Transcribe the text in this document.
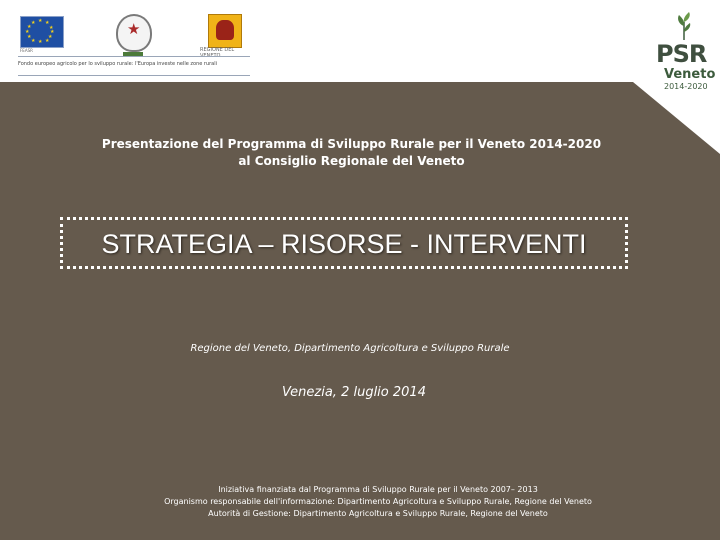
★ ★
★
★
★
★
★
★
★
★
★
★
FEASR
★
REGIONE DEL VENETO
Fondo europeo agricolo per lo sviluppo rurale: l'Europa investe nelle zone rurali	PSR
Veneto
2014-2020
Presentazione del Programma di Sviluppo Rurale per il Veneto 2014-2020
al Consiglio Regionale del Veneto
STRATEGIA – RISORSE - INTERVENTI
Regione del Veneto, Dipartimento Agricoltura e Sviluppo Rurale
Venezia, 2 luglio 2014
Iniziativa finanziata dal Programma di Sviluppo Rurale per il Veneto 2007– 2013
Organismo responsabile dell'informazione: Dipartimento Agricoltura e Sviluppo Rurale, Regione del Veneto
Autorità di Gestione: Dipartimento Agricoltura e Sviluppo Rurale, Regione del Veneto
